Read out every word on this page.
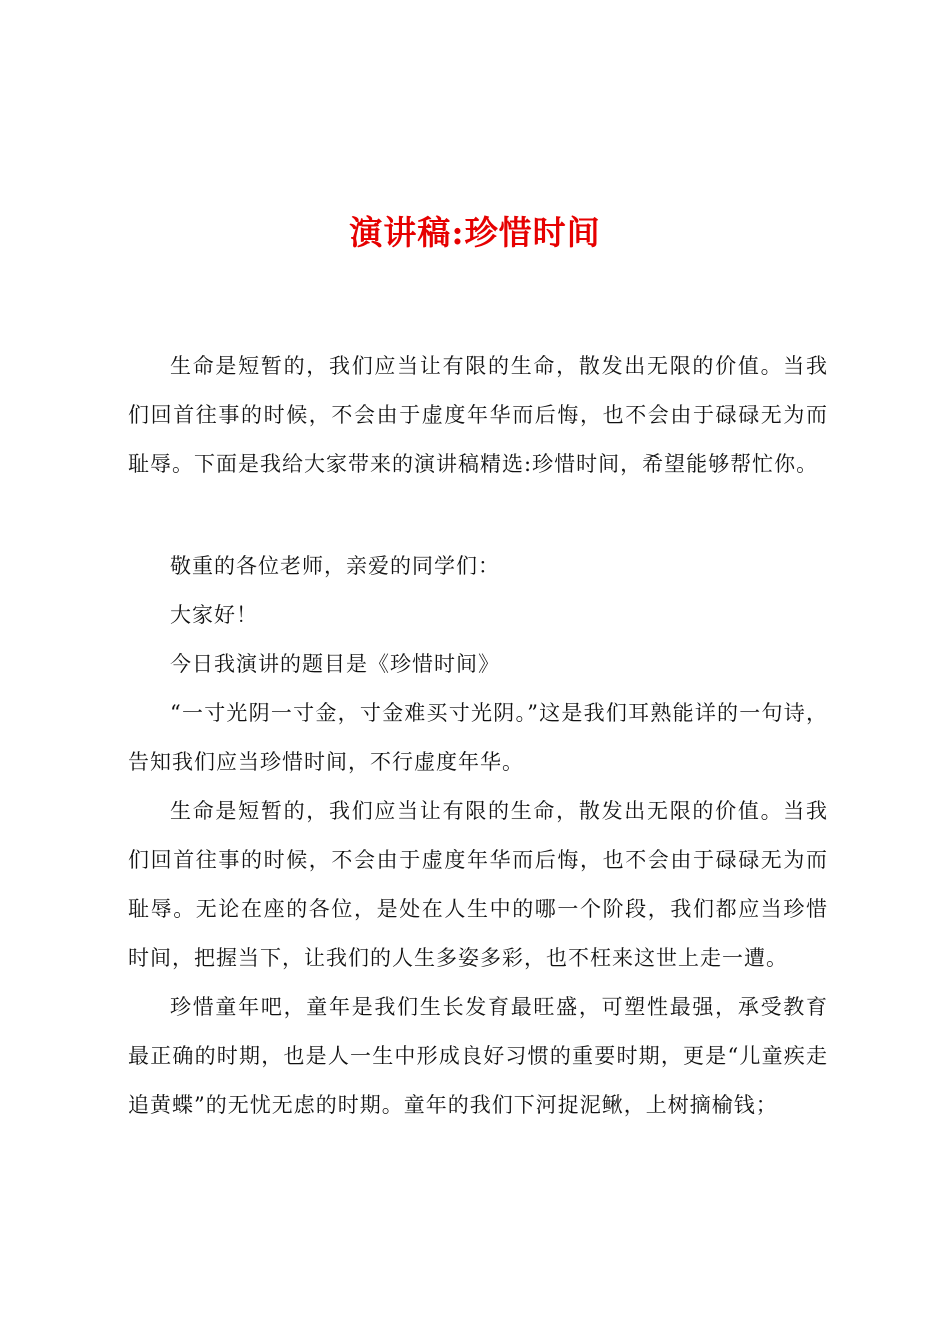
演讲稿:珍惜时间

生命是短暂的，我们应当让有限的生命，散发出无限的价值。当我们回首往事的时候，不会由于虚度年华而后悔，也不会由于碌碌无为而耻辱。下面是我给大家带来的演讲稿精选:珍惜时间，希望能够帮忙你。

敬重的各位老师，亲爱的同学们：

大家好！

今日我演讲的题目是《珍惜时间》

“一寸光阴一寸金，寸金难买寸光阴。”这是我们耳熟能详的一句诗，告知我们应当珍惜时间，不行虚度年华。

生命是短暂的，我们应当让有限的生命，散发出无限的价值。当我们回首往事的时候，不会由于虚度年华而后悔，也不会由于碌碌无为而耻辱。无论在座的各位，是处在人生中的哪一个阶段，我们都应当珍惜时间，把握当下，让我们的人生多姿多彩，也不枉来这世上走一遭。

珍惜童年吧，童年是我们生长发育最旺盛，可塑性最强，承受教育最正确的时期，也是人一生中形成良好习惯的重要时期，更是“儿童疾走追黄蝶”的无忧无虑的时期。童年的我们下河捉泥鳅，上树摘榆钱；
